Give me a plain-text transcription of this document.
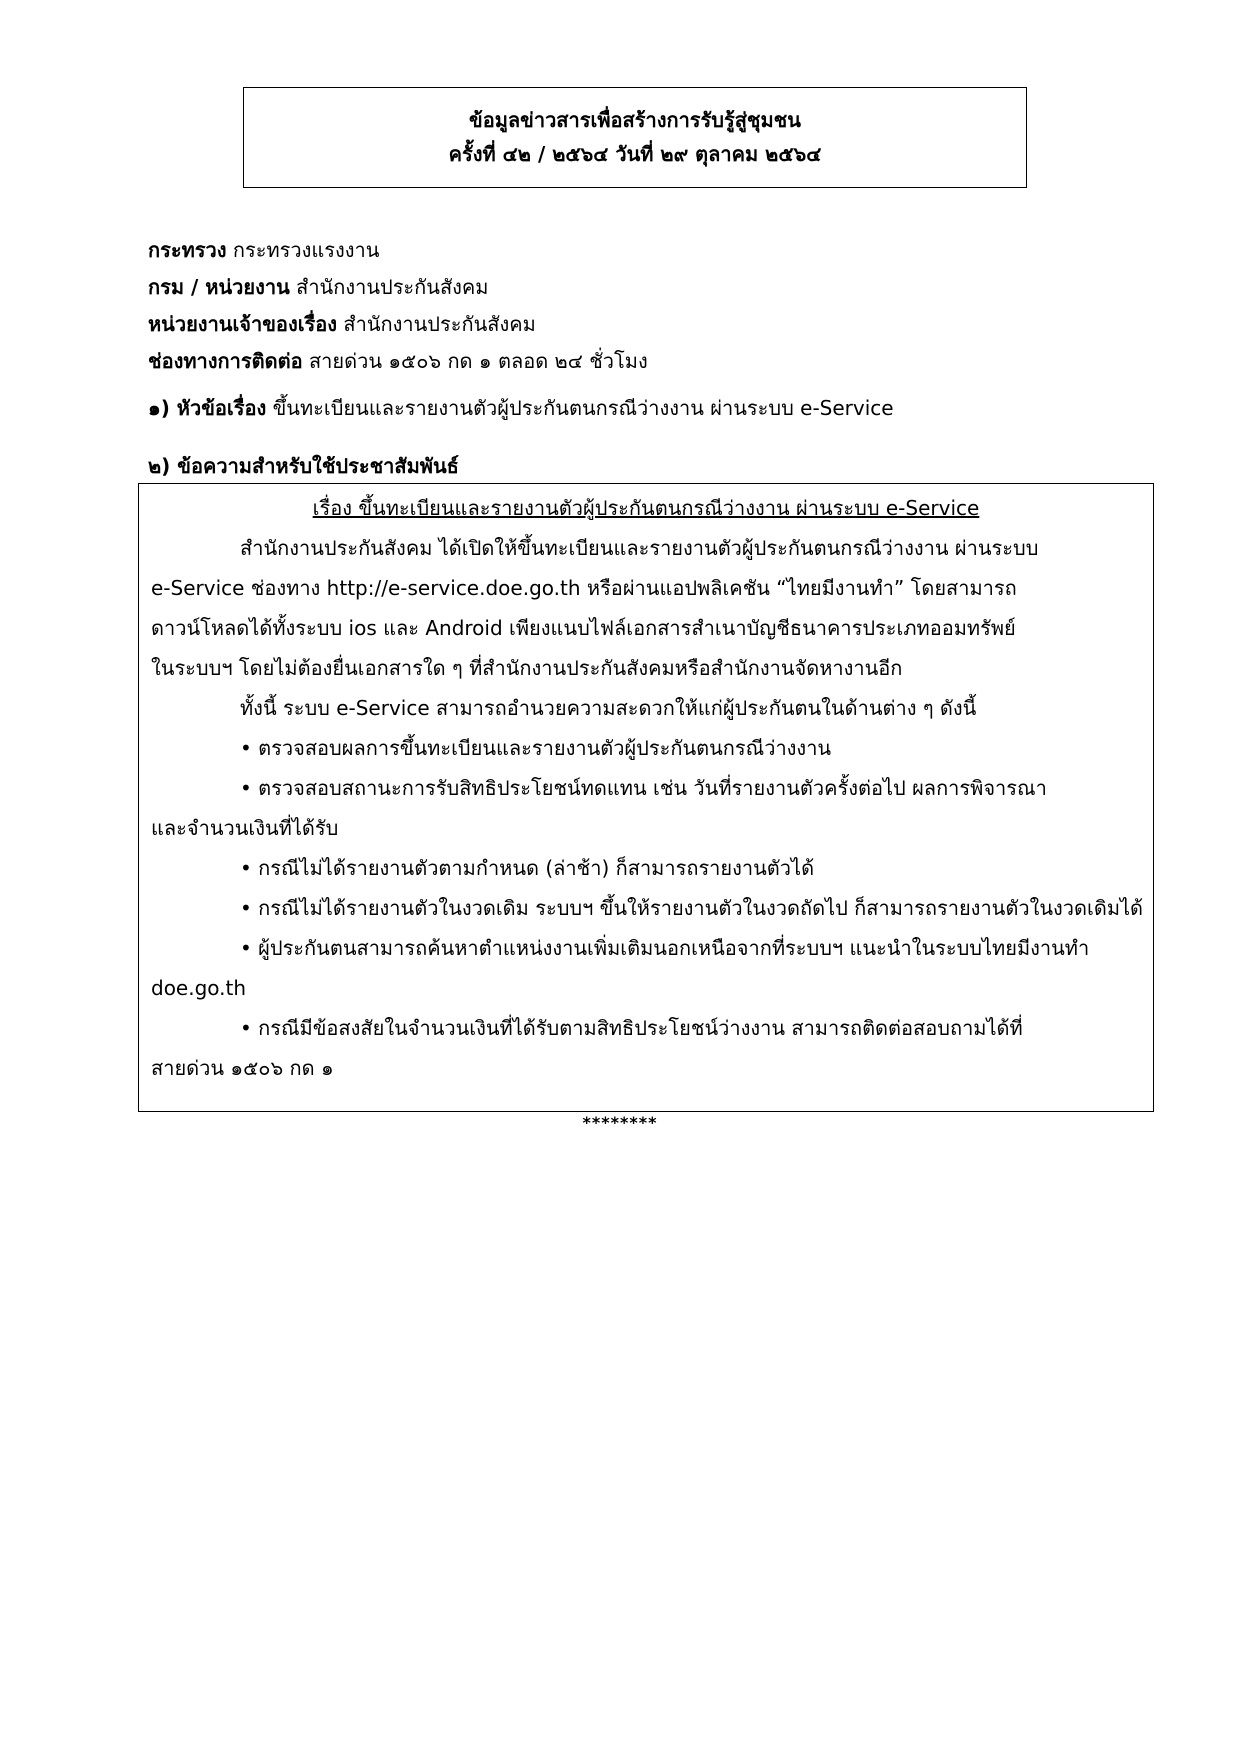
ข้อมูลข่าวสารเพื่อสร้างการรับรู้สู่ชุมชน
ครั้งที่ ๔๒ / ๒๕๖๔ วันที่ ๒๙ ตุลาคม ๒๕๖๔
กระทรวง กระทรวงแรงงาน
กรม / หน่วยงาน สำนักงานประกันสังคม
หน่วยงานเจ้าของเรื่อง สำนักงานประกันสังคม
ช่องทางการติดต่อ สายด่วน ๑๕๐๖ กด ๑ ตลอด ๒๔ ชั่วโมง
๑) หัวข้อเรื่อง ขึ้นทะเบียนและรายงานตัวผู้ประกันตนกรณีว่างงาน ผ่านระบบ e-Service
๒) ข้อความสำหรับใช้ประชาสัมพันธ์
เรื่อง ขึ้นทะเบียนและรายงานตัวผู้ประกันตนกรณีว่างงาน ผ่านระบบ e-Service
สำนักงานประกันสังคม ได้เปิดให้ขึ้นทะเบียนและรายงานตัวผู้ประกันตนกรณีว่างงาน ผ่านระบบ
e-Service ช่องทาง http://e-service.doe.go.th หรือผ่านแอปพลิเคชัน “ไทยมีงานทำ” โดยสามารถ
ดาวน์โหลดได้ทั้งระบบ ios และ Android เพียงแนบไฟล์เอกสารสำเนาบัญชีธนาคารประเภทออมทรัพย์
ในระบบฯ โดยไม่ต้องยื่นเอกสารใด ๆ ที่สำนักงานประกันสังคมหรือสำนักงานจัดหางานอีก
ทั้งนี้ ระบบ e-Service สามารถอำนวยความสะดวกให้แก่ผู้ประกันตนในด้านต่าง ๆ ดังนี้
• ตรวจสอบผลการขึ้นทะเบียนและรายงานตัวผู้ประกันตนกรณีว่างงาน
• ตรวจสอบสถานะการรับสิทธิประโยชน์ทดแทน เช่น วันที่รายงานตัวครั้งต่อไป ผลการพิจารณา
และจำนวนเงินที่ได้รับ
• กรณีไม่ได้รายงานตัวตามกำหนด (ล่าช้า) ก็สามารถรายงานตัวได้
• กรณีไม่ได้รายงานตัวในงวดเดิม ระบบฯ ขึ้นให้รายงานตัวในงวดถัดไป ก็สามารถรายงานตัวในงวดเดิมได้
• ผู้ประกันตนสามารถค้นหาตำแหน่งงานเพิ่มเติมนอกเหนือจากที่ระบบฯ แนะนำในระบบไทยมีงานทำ
doe.go.th
• กรณีมีข้อสงสัยในจำนวนเงินที่ได้รับตามสิทธิประโยชน์ว่างงาน สามารถติดต่อสอบถามได้ที่
สายด่วน ๑๕๐๖ กด ๑
********
